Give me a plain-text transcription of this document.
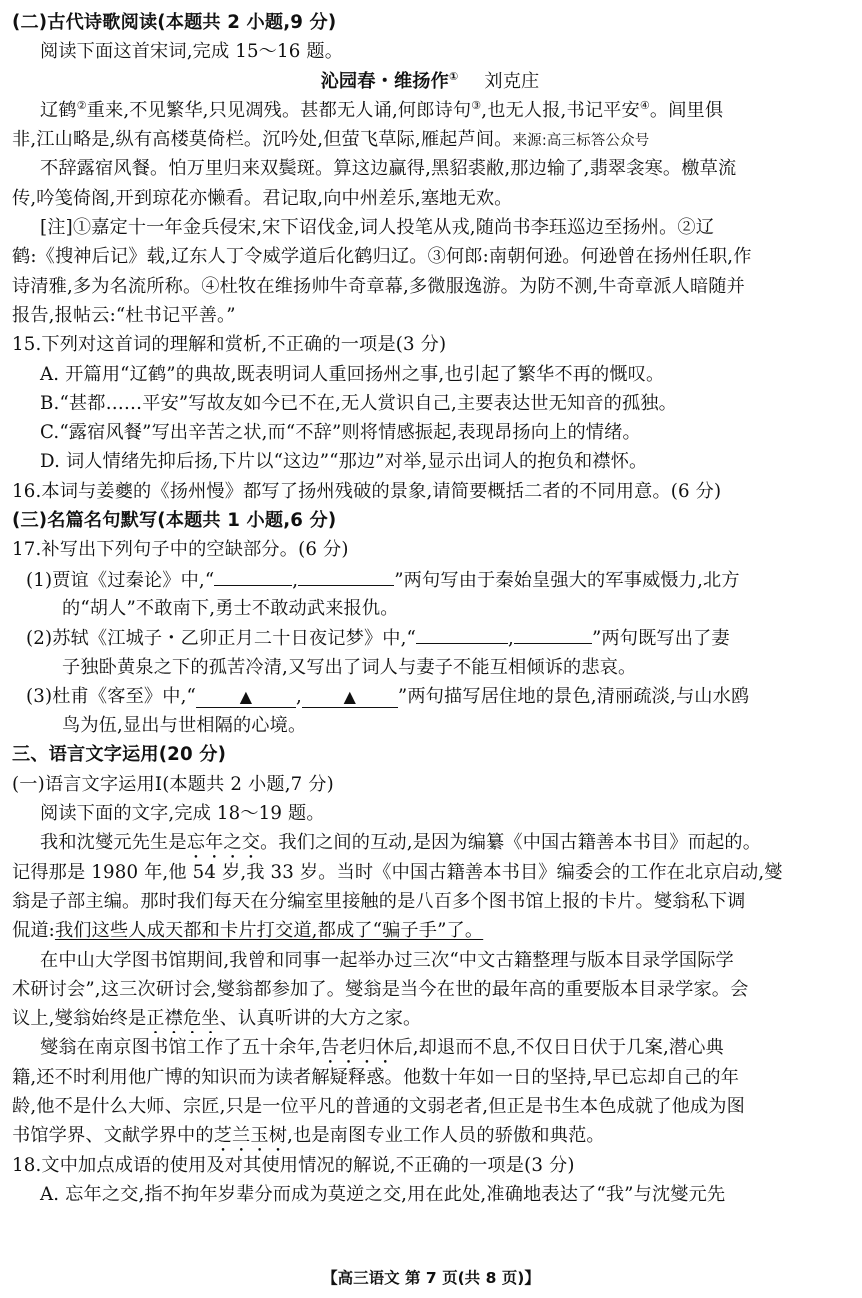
(二)古代诗歌阅读(本题共 2 小题,9 分)
阅读下面这首宋词,完成 15～16 题。
沁园春・维扬作① 刘克庄
辽鹤②重来,不见繁华,只见凋残。甚都无人诵,何郎诗句③,也无人报,书记平安④。闾里俱
非,江山略是,纵有高楼莫倚栏。沉吟处,但萤飞草际,雁起芦间。来源:高三标答公众号
不辞露宿风餐。怕万里归来双鬓斑。算这边赢得,黑貂裘敝,那边输了,翡翠衾寒。檄草流
传,吟笺倚阁,开到琼花亦懒看。君记取,向中州差乐,塞地无欢。
[注]①嘉定十一年金兵侵宋,宋下诏伐金,词人投笔从戎,随尚书李珏巡边至扬州。②辽
鹤:《搜神后记》载,辽东人丁令威学道后化鹤归辽。③何郎:南朝何逊。何逊曾在扬州任职,作
诗清雅,多为名流所称。④杜牧在维扬帅牛奇章幕,多微服逸游。为防不测,牛奇章派人暗随并
报告,报帖云:“杜书记平善。”
15.下列对这首词的理解和赏析,不正确的一项是(3 分)
A. 开篇用“辽鹤”的典故,既表明词人重回扬州之事,也引起了繁华不再的慨叹。
B.“甚都……平安”写故友如今已不在,无人赏识自己,主要表达世无知音的孤独。
C.“露宿风餐”写出辛苦之状,而“不辞”则将情感振起,表现昂扬向上的情绪。
D. 词人情绪先抑后扬,下片以“这边”“那边”对举,显示出词人的抱负和襟怀。
16.本词与姜夔的《扬州慢》都写了扬州残破的景象,请简要概括二者的不同用意。(6 分)
(三)名篇名句默写(本题共 1 小题,6 分)
17.补写出下列句子中的空缺部分。(6 分)
(1)贾谊《过秦论》中,“	,	”两句写由于秦始皇强大的军事威慑力,北方
的“胡人”不敢南下,勇士不敢动武来报仇。
(2)苏轼《江城子・乙卯正月二十日夜记梦》中,“	,	”两句既写出了妻
子独卧黄泉之下的孤苦冷清,又写出了词人与妻子不能互相倾诉的悲哀。
(3)杜甫《客至》中,“	▲ ,	▲ ”两句描写居住地的景色,清丽疏淡,与山水鸥
鸟为伍,显出与世相隔的心境。
三、语言文字运用(20 分)
(一)语言文字运用Ⅰ(本题共 2 小题,7 分)
阅读下面的文字,完成 18～19 题。
我和沈燮元先生是忘年之交。我们之间的互动,是因为编纂《中国古籍善本书目》而起的。
记得那是 1980 年,他 54 岁,我 33 岁。当时《中国古籍善本书目》编委会的工作在北京启动,燮
翁是子部主编。那时我们每天在分编室里接触的是八百多个图书馆上报的卡片。燮翁私下调
侃道:我们这些人成天都和卡片打交道,都成了“骗子手”了。
在中山大学图书馆期间,我曾和同事一起举办过三次“中文古籍整理与版本目录学国际学
术研讨会”,这三次研讨会,燮翁都参加了。燮翁是当今在世的最年高的重要版本目录学家。会
议上,燮翁始终是正襟危坐、认真听讲的大方之家。
燮翁在南京图书馆工作了五十余年,告老归休后,却退而不息,不仅日日伏于几案,潜心典
籍,还不时利用他广博的知识而为读者解疑释惑。他数十年如一日的坚持,早已忘却自己的年
龄,他不是什么大师、宗匠,只是一位平凡的普通的文弱老者,但正是书生本色成就了他成为图
书馆学界、文献学界中的芝兰玉树,也是南图专业工作人员的骄傲和典范。
18.文中加点成语的使用及对其使用情况的解说,不正确的一项是(3 分)
A. 忘年之交,指不拘年岁辈分而成为莫逆之交,用在此处,准确地表达了“我”与沈燮元先
【高三语文 第 7 页(共 8 页)】
